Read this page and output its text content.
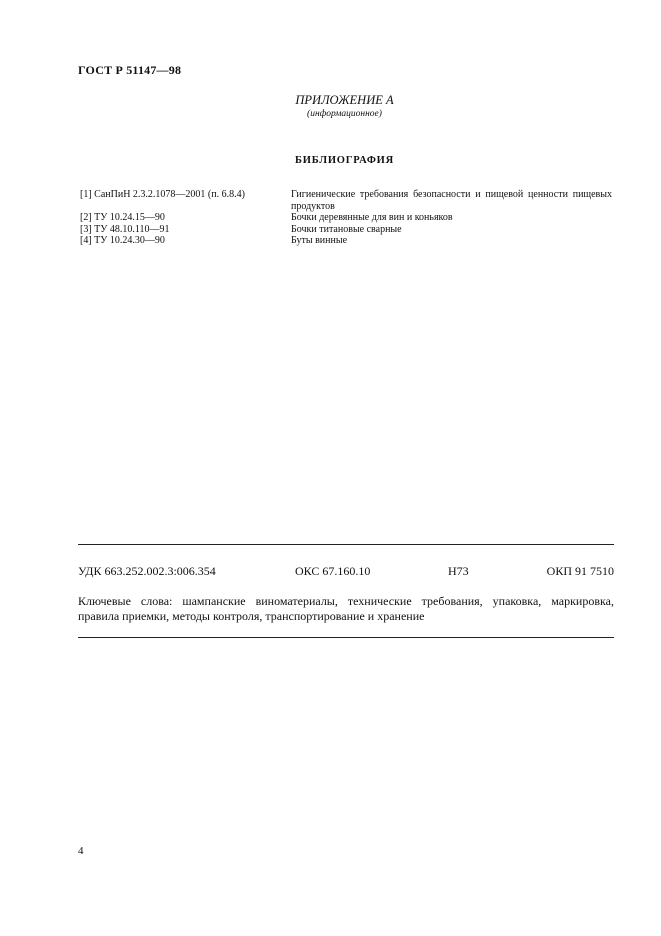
ГОСТ Р 51147—98
ПРИЛОЖЕНИЕ А
(информационное)
БИБЛИОГРАФИЯ
[1] СанПиН 2.3.2.1078—2001 (п. 6.8.4)	Гигиенические требования безопасности и пищевой ценности пищевых продуктов
[2] ТУ 10.24.15—90	Бочки деревянные для вин и коньяков
[3] ТУ 48.10.110—91	Бочки титановые сварные
[4] ТУ 10.24.30—90	Буты винные
УДК 663.252.002.3:006.354	ОКС 67.160.10	Н73	ОКП 91 7510
Ключевые слова: шампанские виноматериалы, технические требования, упаковка, маркировка,
правила приемки, методы контроля, транспортирование и хранение
4
